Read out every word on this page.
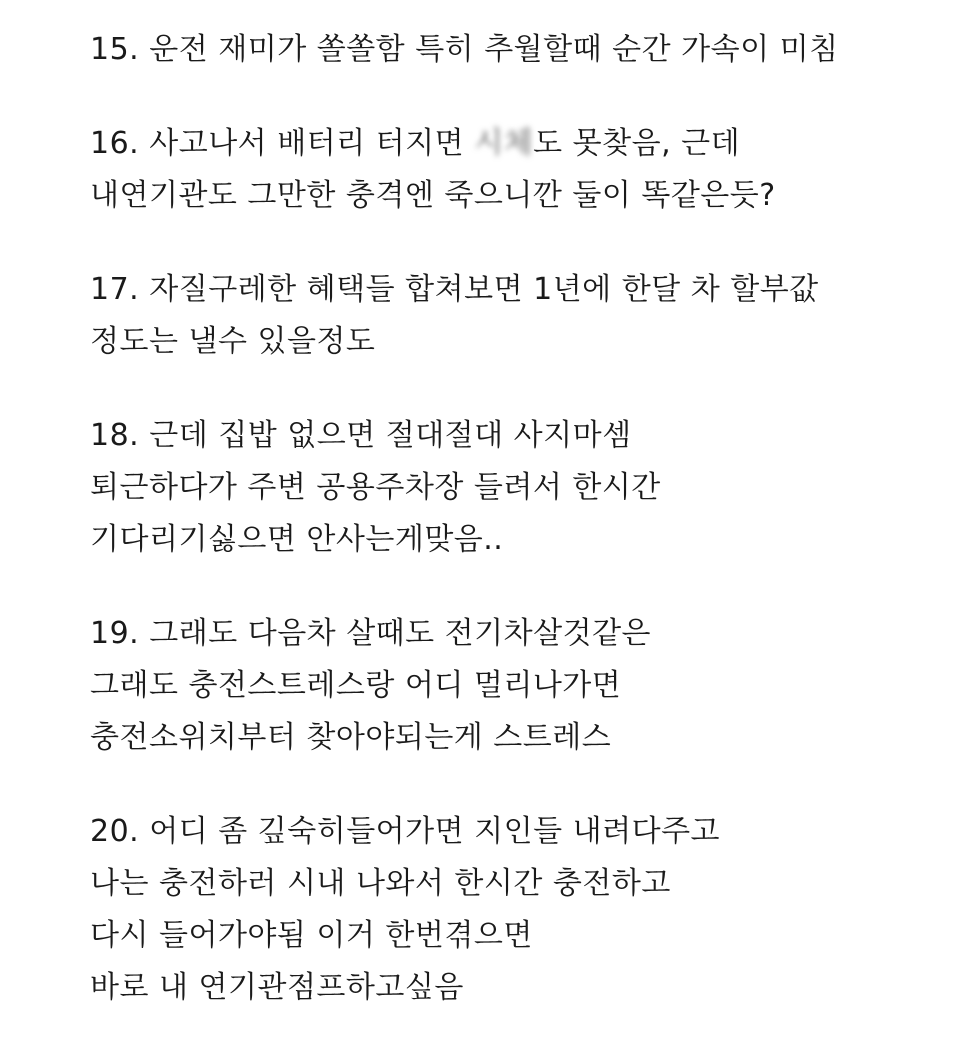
15. 운전 재미가 쏠쏠함 특히 추월할때 순간 가속이 미침
16. 사고나서 배터리 터지면 시체도 못찾음, 근데
내연기관도 그만한 충격엔 죽으니깐 둘이 똑같은듯?
17. 자질구레한 혜택들 합쳐보면 1년에 한달 차 할부값
정도는 낼수 있을정도
18. 근데 집밥 없으면 절대절대 사지마셈
퇴근하다가 주변 공용주차장 들려서 한시간
기다리기싫으면 안사는게맞음..
19. 그래도 다음차 살때도 전기차살것같은
그래도 충전스트레스랑 어디 멀리나가면
충전소위치부터 찾아야되는게 스트레스
20. 어디 좀 깊숙히들어가면 지인들 내려다주고
나는 충전하러 시내 나와서 한시간 충전하고
다시 들어가야됨 이거 한번겪으면
바로 내 연기관점프하고싶음
